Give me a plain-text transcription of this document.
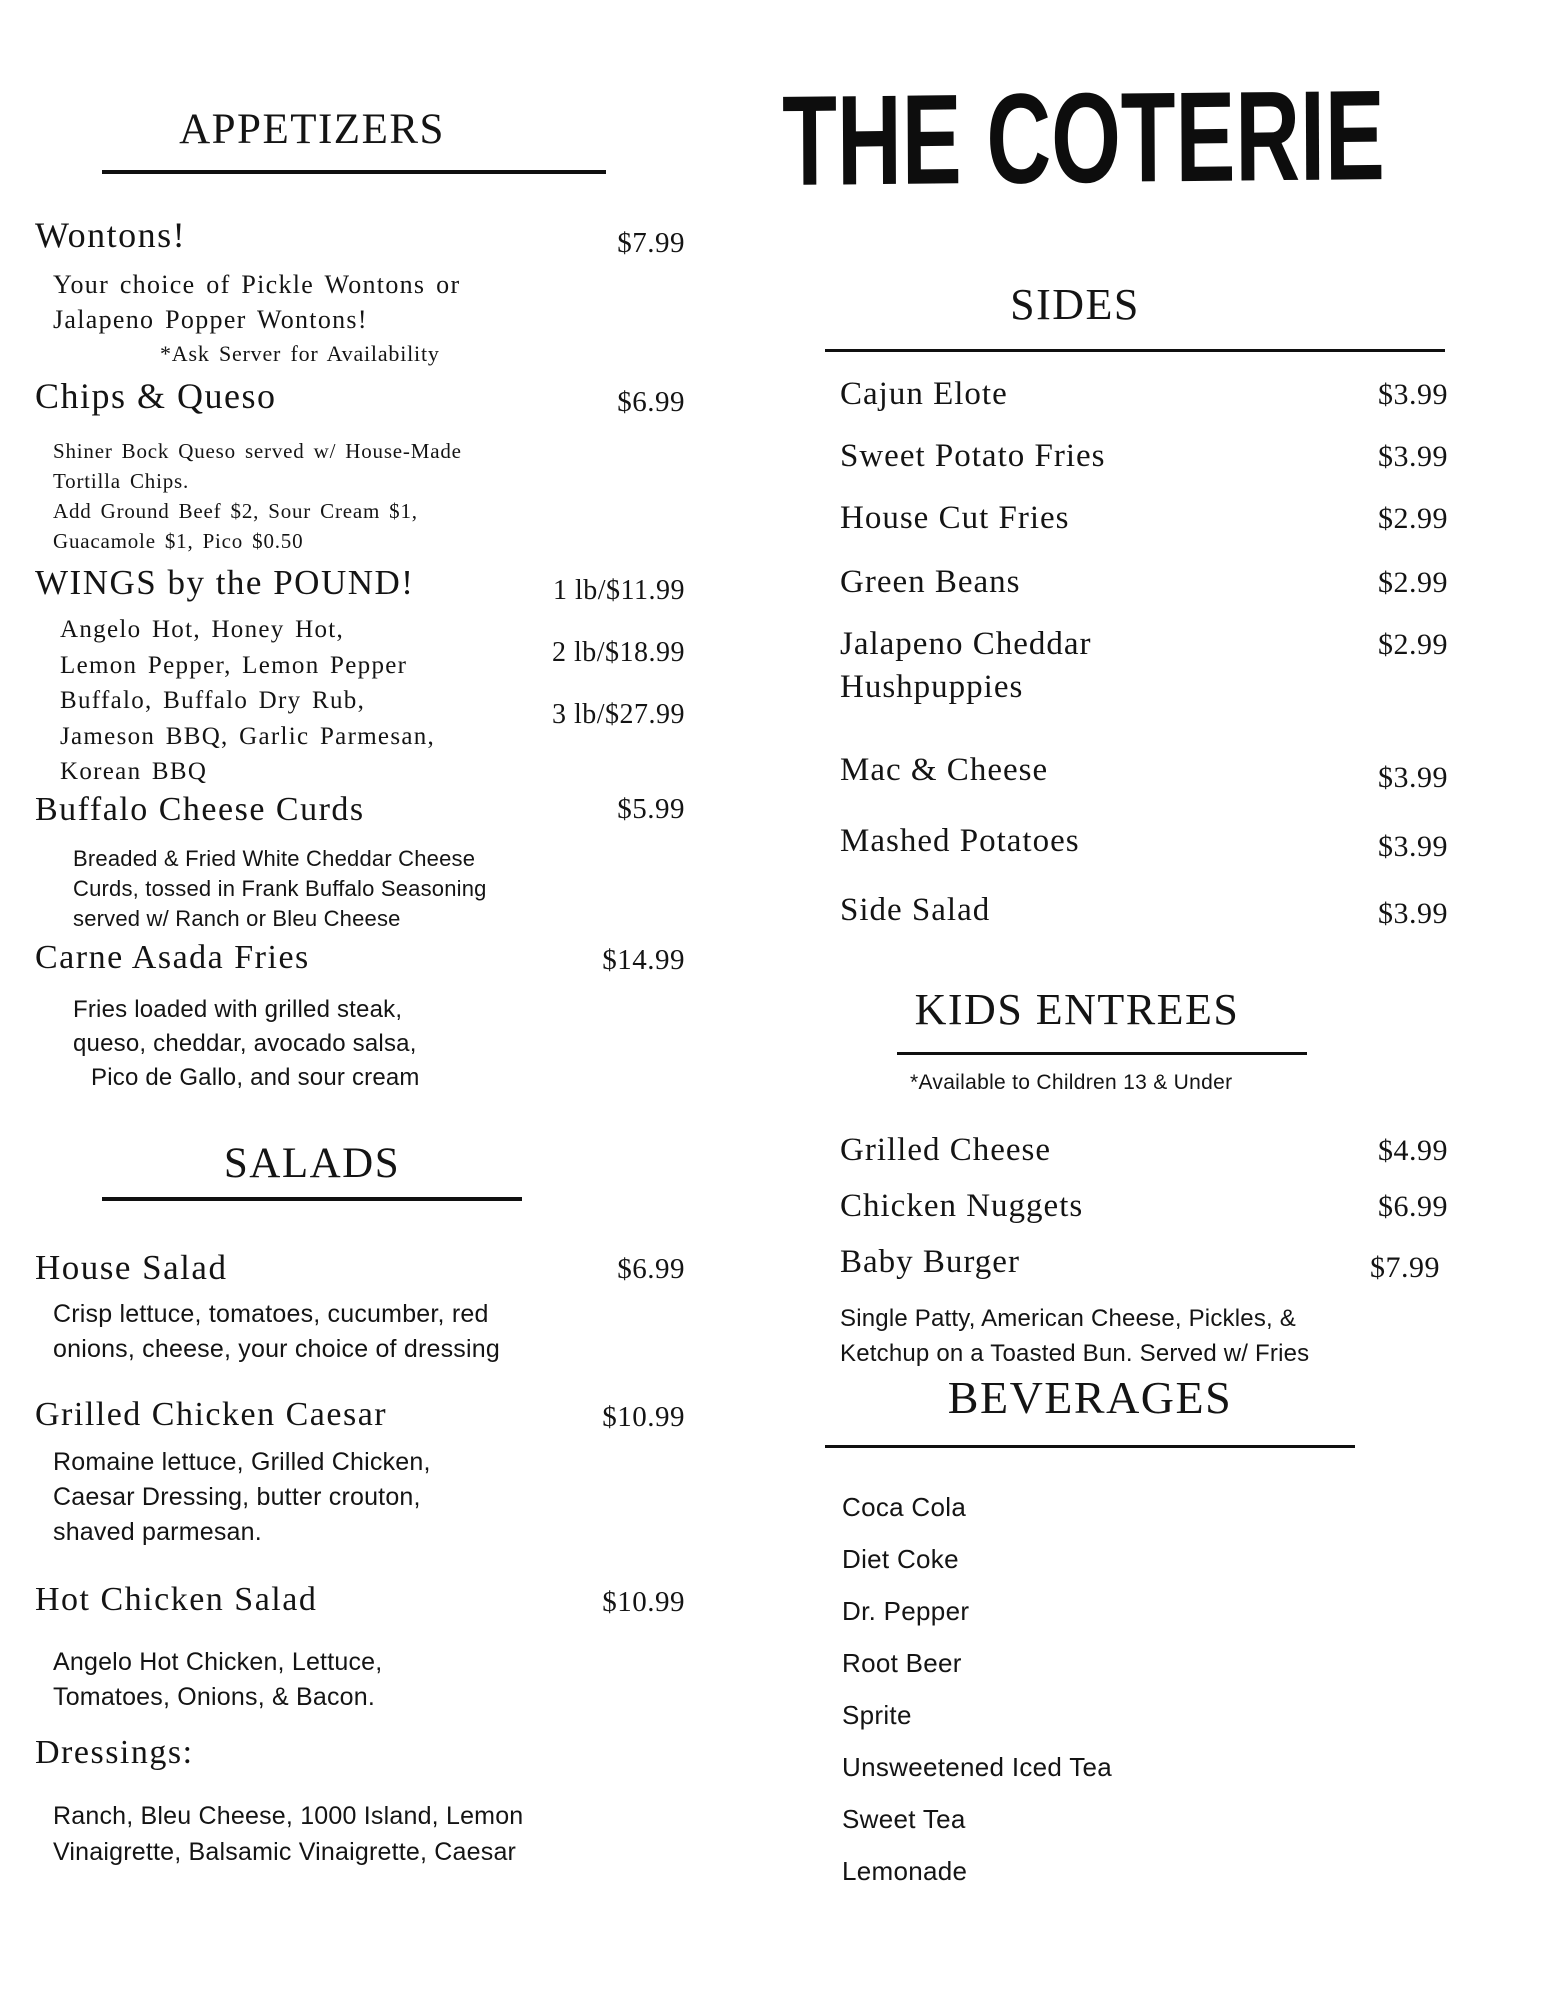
APPETIZERS
Wontons!	$7.99
Your choice of Pickle Wontons or
Jalapeno Popper Wontons!
*Ask Server for Availability
Chips & Queso	$6.99
Shiner Bock Queso served w/ House-Made
Tortilla Chips.
Add Ground Beef $2, Sour Cream $1,
Guacamole $1, Pico $0.50
WINGS by the POUND!
Angelo Hot, Honey Hot,
Lemon Pepper, Lemon Pepper
Buffalo, Buffalo Dry Rub,
Jameson BBQ, Garlic Parmesan,
Korean BBQ
1 lb/$11.99
2 lb/$18.99
3 lb/$27.99
Buffalo Cheese Curds	$5.99
Breaded & Fried White Cheddar Cheese
Curds, tossed in Frank Buffalo Seasoning
served w/ Ranch or Bleu Cheese
Carne Asada Fries	$14.99
Fries loaded with grilled steak,
queso, cheddar, avocado salsa,
Pico de Gallo, and sour cream
SALADS
House Salad	$6.99
Crisp lettuce, tomatoes, cucumber, red
onions, cheese, your choice of dressing
Grilled Chicken Caesar	$10.99
Romaine lettuce, Grilled Chicken,
Caesar Dressing, butter crouton,
shaved parmesan.
Hot Chicken Salad	$10.99
Angelo Hot Chicken, Lettuce,
Tomatoes, Onions, & Bacon.
Dressings:
Ranch, Bleu Cheese, 1000 Island, Lemon
Vinaigrette, Balsamic Vinaigrette, Caesar
THE COTERIE
SIDES
Cajun Elote	$3.99
Sweet Potato Fries	$3.99
House Cut Fries	$2.99
Green Beans	$2.99
Jalapeno Cheddar
Hushpuppies
$2.99
Mac & Cheese	$3.99
Mashed Potatoes	$3.99
Side Salad	$3.99
KIDS ENTREES
*Available to Children 13 & Under
Grilled Cheese	$4.99
Chicken Nuggets	$6.99
Baby Burger	$7.99
Single Patty, American Cheese, Pickles, &
Ketchup on a Toasted Bun. Served w/ Fries
BEVERAGES
Coca Cola
Diet Coke
Dr. Pepper
Root Beer
Sprite
Unsweetened Iced Tea
Sweet Tea
Lemonade
